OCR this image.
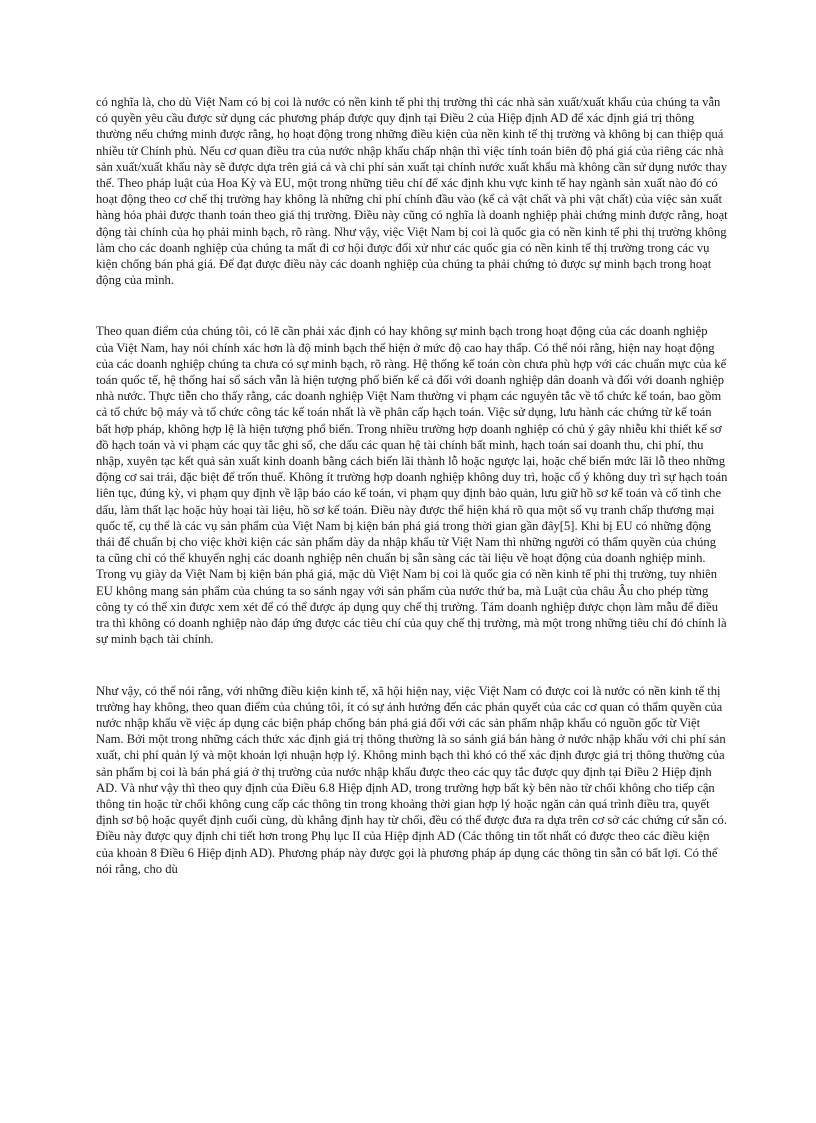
có nghĩa là, cho dù Việt Nam có bị coi là nước có nền kinh tế phi thị trường thì các nhà sản xuất/xuất khẩu của chúng ta vẫn có quyền yêu cầu được sử dụng các phương pháp được quy định tại Điều 2 của Hiệp định AD để xác định giá trị thông thường nếu chứng minh được rằng, họ hoạt động trong những điều kiện của nền kinh tế thị trường và không bị can thiệp quá nhiều từ Chính phủ. Nếu cơ quan điều tra của nước nhập khẩu chấp nhận thì việc tính toán biên độ phá giá của riêng các nhà sản xuất/xuất khẩu này sẽ được dựa trên giá cả và chi phí sản xuất tại chính nước xuất khẩu mà không cần sử dụng nước thay thế. Theo pháp luật của Hoa Kỳ và EU, một trong những tiêu chí để xác định khu vực kinh tế hay ngành sản xuất nào đó có hoạt động theo cơ chế thị trường hay không là những chi phí chính đầu vào (kể cả vật chất và phi vật chất) của việc sản xuất hàng hóa phải được thanh toán theo giá thị trường. Điều này cũng có nghĩa là doanh nghiệp phải chứng minh được rằng, hoạt động tài chính của họ phải minh bạch, rõ ràng. Như vậy, việc Việt Nam bị coi là quốc gia có nền kinh tế phi thị trường không làm cho các doanh nghiệp của chúng ta mất đi cơ hội được đối xử như các quốc gia có nền kinh tế thị trường trong các vụ kiện chống bán phá giá. Để đạt được điều này các doanh nghiệp của chúng ta phải chứng tỏ được sự minh bạch trong hoạt động của mình.

Theo quan điểm của chúng tôi, có lẽ cần phải xác định có hay không sự minh bạch trong hoạt động của các doanh nghiệp của Việt Nam, hay nói chính xác hơn là độ minh bạch thể hiện ở mức độ cao hay thấp. Có thể nói rằng, hiện nay hoạt động của các doanh nghiệp chúng ta chưa có sự minh bạch, rõ ràng. Hệ thống kế toán còn chưa phù hợp với các chuẩn mực của kế toán quốc tế, hệ thống hai sổ sách vẫn là hiện tượng phổ biến kể cả đối với doanh nghiệp dân doanh và đối với doanh nghiệp nhà nước. Thực tiễn cho thấy rằng, các doanh nghiệp Việt Nam thường vi phạm các nguyên tắc về tổ chức kế toán, bao gồm cả tổ chức bộ máy và tổ chức công tác kế toán nhất là về phân cấp hạch toán. Việc sử dụng, lưu hành các chứng từ kế toán bất hợp pháp, không hợp lệ là hiện tượng phổ biến. Trong nhiều trường hợp doanh nghiệp có chủ ý gây nhiễu khi thiết kế sơ đồ hạch toán và vi phạm các quy tắc ghi sổ, che dấu các quan hệ tài chính bất minh, hạch toán sai doanh thu, chi phí, thu nhập, xuyên tạc kết quả sản xuất kinh doanh bằng cách biến lãi thành lỗ hoặc ngược lại, hoặc chế biến mức lãi lỗ theo những động cơ sai trái, đặc biệt để trốn thuế. Không ít trường hợp doanh nghiệp không duy trì, hoặc cố ý không duy trì sự hạch toán liên tục, đúng kỳ, vi phạm quy định về lập báo cáo kế toán, vi phạm quy định bảo quản, lưu giữ hồ sơ kế toán và cố tình che dấu, làm thất lạc hoặc hủy hoại tài liệu, hồ sơ kế toán. Điều này được thể hiện khá rõ qua một số vụ tranh chấp thương mại quốc tế, cụ thể là các vụ sản phẩm của Việt Nam bị kiện bán phá giá trong thời gian gần đây[5]. Khi bị EU có những động thái để chuẩn bị cho việc khởi kiện các sản phẩm dày da nhập khẩu từ Việt Nam thì những người có thẩm quyền của chúng ta cũng chỉ có thể khuyến nghị các doanh nghiệp nên chuẩn bị sẵn sàng các tài liệu về hoạt động của doanh nghiệp minh. Trong vụ giày da Việt Nam bị kiện bán phá giá, mặc dù Việt Nam bị coi là quốc gia có nền kinh tế phi thị trường, tuy nhiên EU không mang sản phẩm của chúng ta so sánh ngay với sản phẩm của nước thứ ba, mà Luật của châu Âu cho phép từng công ty có thể xin được xem xét để có thể được áp dụng quy chế thị trường. Tám doanh nghiệp được chọn làm mẫu để điều tra thì không có doanh nghiệp nào đáp ứng được các tiêu chí của quy chế thị trường, mà một trong những tiêu chí đó chính là sự minh bạch tài chính.

Như vậy, có thể nói rằng, với những điều kiện kinh tế, xã hội hiện nay, việc Việt Nam có được coi là nước có nền kinh tế thị trường hay không, theo quan điểm của chúng tôi, ít có sự ảnh hưởng đến các phán quyết của các cơ quan có thẩm quyền của nước nhập khẩu về việc áp dụng các biện pháp chống bán phá giá đối với các sản phẩm nhập khẩu có nguồn gốc từ Việt Nam. Bởi một trong những cách thức xác định giá trị thông thường là so sánh giá bán hàng ở nước nhập khẩu với chi phí sản xuất, chi phí quản lý và một khoản lợi nhuận hợp lý. Không minh bạch thì khó có thể xác định được giá trị thông thường của sản phẩm bị coi là bán phá giá ở thị trường của nước nhập khẩu được theo các quy tắc được quy định tại Điều 2 Hiệp định AD. Và như vậy thì theo quy định của Điều 6.8 Hiệp định AD, trong trường hợp bất kỳ bên nào từ chối không cho tiếp cận thông tin hoặc từ chối không cung cấp các thông tin trong khoảng thời gian hợp lý hoặc ngăn cản quá trình điều tra, quyết định sơ bộ hoặc quyết định cuối cùng, dù khẳng định hay từ chối, đều có thể được đưa ra dựa trên cơ sở các chứng cứ sẵn có. Điều này được quy định chi tiết hơn trong Phụ lục II của Hiệp định AD (Các thông tin tốt nhất có được theo các điều kiện của khoản 8 Điều 6 Hiệp định AD). Phương pháp này được gọi là phương pháp áp dụng các thông tin sẵn có bất lợi. Có thể nói rằng, cho dù
